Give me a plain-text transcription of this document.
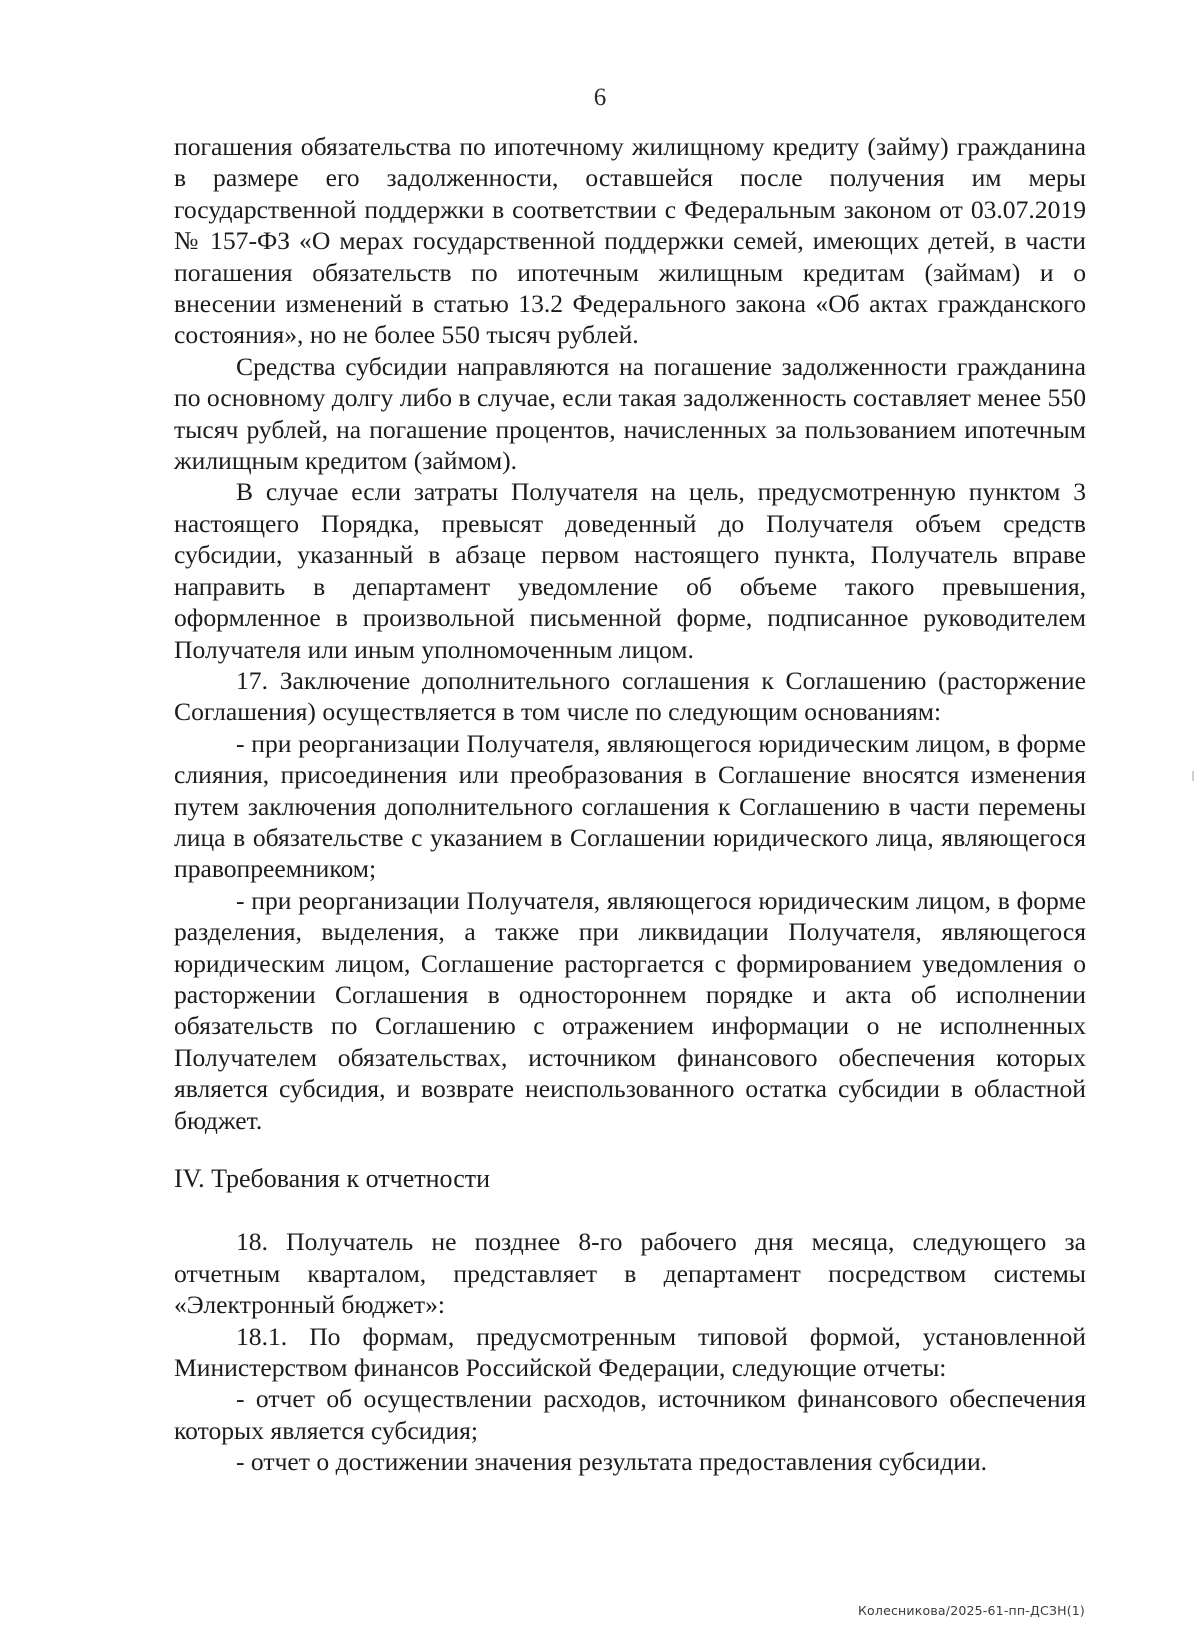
6

погашения обязательства по ипотечному жилищному кредиту (займу) гражданина в размере его задолженности, оставшейся после получения им меры государственной поддержки в соответствии с Федеральным законом от 03.07.2019 № 157-ФЗ «О мерах государственной поддержки семей, имеющих детей, в части погашения обязательств по ипотечным жилищным кредитам (займам) и о внесении изменений в статью 13.2 Федерального закона «Об актах гражданского состояния», но не более 550 тысяч рублей.

Средства субсидии направляются на погашение задолженности гражданина по основному долгу либо в случае, если такая задолженность составляет менее 550 тысяч рублей, на погашение процентов, начисленных за пользованием ипотечным жилищным кредитом (займом).

В случае если затраты Получателя на цель, предусмотренную пунктом 3 настоящего Порядка, превысят доведенный до Получателя объем средств субсидии, указанный в абзаце первом настоящего пункта, Получатель вправе направить в департамент уведомление об объеме такого превышения, оформленное в произвольной письменной форме, подписанное руководителем Получателя или иным уполномоченным лицом.

17. Заключение дополнительного соглашения к Соглашению (расторжение Соглашения) осуществляется в том числе по следующим основаниям:

- при реорганизации Получателя, являющегося юридическим лицом, в форме слияния, присоединения или преобразования в Соглашение вносятся изменения путем заключения дополнительного соглашения к Соглашению в части перемены лица в обязательстве с указанием в Соглашении юридического лица, являющегося правопреемником;

- при реорганизации Получателя, являющегося юридическим лицом, в форме разделения, выделения, а также при ликвидации Получателя, являющегося юридическим лицом, Соглашение расторгается с формированием уведомления о расторжении Соглашения в одностороннем порядке и акта об исполнении обязательств по Соглашению с отражением информации о не исполненных Получателем обязательствах, источником финансового обеспечения которых является субсидия, и возврате неиспользованного остатка субсидии в областной бюджет.

IV. Требования к отчетности

18. Получатель не позднее 8-го рабочего дня месяца, следующего за отчетным кварталом, представляет в департамент посредством системы «Электронный бюджет»:

18.1. По формам, предусмотренным типовой формой, установленной Министерством финансов Российской Федерации, следующие отчеты:

- отчет об осуществлении расходов, источником финансового обеспечения которых является субсидия;

- отчет о достижении значения результата предоставления субсидии.

Колесникова/2025-61-пп-ДСЗН(1)
